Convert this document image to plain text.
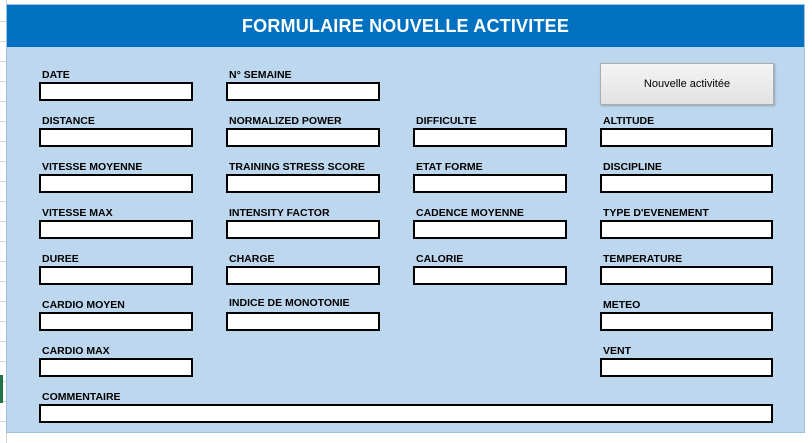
FORMULAIRE NOUVELLE ACTIVITEE
Nouvelle activitée
DATE
DISTANCE
VITESSE MOYENNE
VITESSE MAX
DUREE
CARDIO MOYEN
CARDIO MAX
N° SEMAINE
NORMALIZED POWER
TRAINING STRESS SCORE
INTENSITY FACTOR
CHARGE
INDICE DE MONOTONIE
DIFFICULTE
ETAT FORME
CADENCE MOYENNE
CALORIE
ALTITUDE
DISCIPLINE
TYPE D'EVENEMENT
TEMPERATURE
METEO
VENT
COMMENTAIRE
